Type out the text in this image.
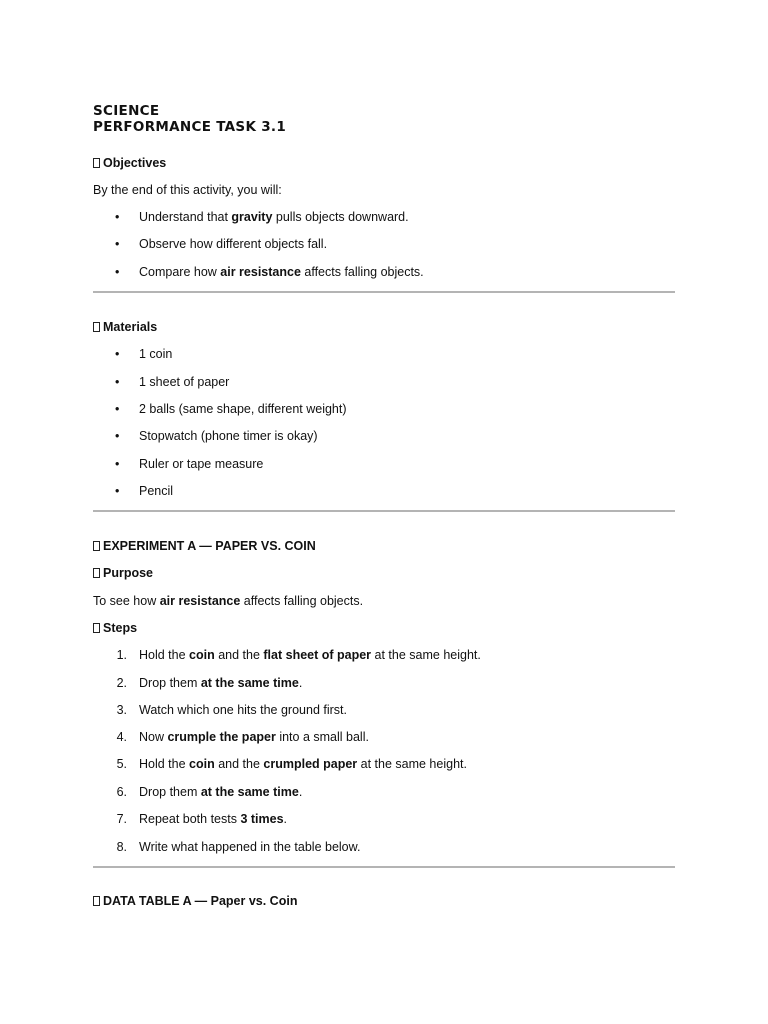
SCIENCE
PERFORMANCE TASK 3.1
Objectives
By the end of this activity, you will:
• Understand that gravity pulls objects downward.
• Observe how different objects fall.
• Compare how air resistance affects falling objects.
Materials
• 1 coin
• 1 sheet of paper
• 2 balls (same shape, different weight)
• Stopwatch (phone timer is okay)
• Ruler or tape measure
• Pencil
EXPERIMENT A — PAPER VS. COIN
Purpose
To see how air resistance affects falling objects.
Steps
1. Hold the coin and the flat sheet of paper at the same height.
2. Drop them at the same time.
3. Watch which one hits the ground first.
4. Now crumple the paper into a small ball.
5. Hold the coin and the crumpled paper at the same height.
6. Drop them at the same time.
7. Repeat both tests 3 times.
8. Write what happened in the table below.
DATA TABLE A — Paper vs. Coin
